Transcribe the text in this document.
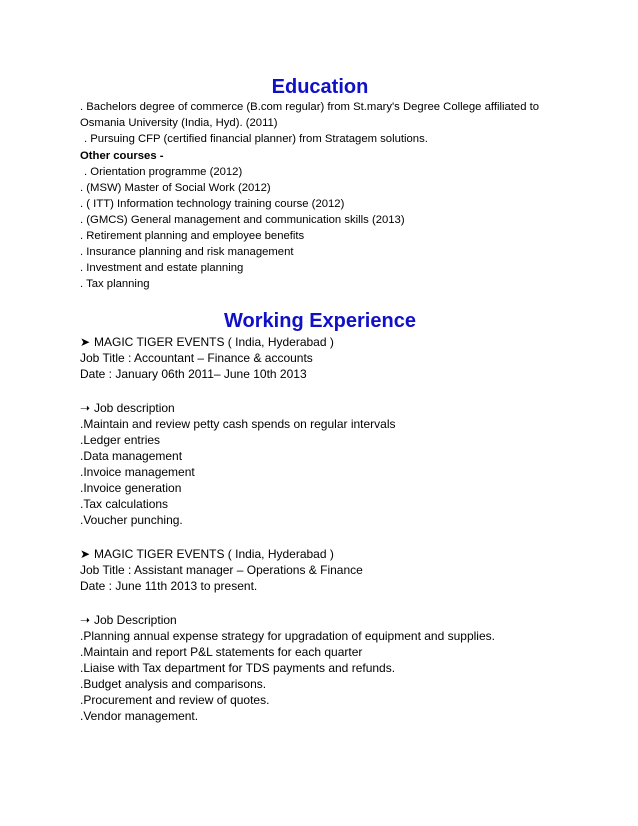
Education
. Bachelors degree of commerce (B.com regular) from St.mary's Degree College affiliated to
Osmania University (India, Hyd). (2011)
. Pursuing CFP (certified financial planner) from Stratagem solutions.
Other courses -
. Orientation programme (2012)
. (MSW) Master of Social Work (2012)
. ( ITT) Information technology training course (2012)
. (GMCS) General management and communication skills (2013)
. Retirement planning and employee benefits
. Insurance planning and risk management
. Investment and estate planning
. Tax planning
Working Experience
➤ MAGIC TIGER EVENTS ( India, Hyderabad )
Job Title : Accountant – Finance & accounts
Date : January 06th 2011– June 10th 2013
➝ Job description
.Maintain and review petty cash spends on regular intervals
.Ledger entries
.Data management
.Invoice management
.Invoice generation
.Tax calculations
.Voucher punching.
➤ MAGIC TIGER EVENTS ( India, Hyderabad )
Job Title : Assistant manager – Operations & Finance
Date : June 11th 2013 to present.
➝ Job Description
.Planning annual expense strategy for upgradation of equipment and supplies.
.Maintain and report P&L statements for each quarter
.Liaise with Tax department for TDS payments and refunds.
.Budget analysis and comparisons.
.Procurement and review of quotes.
.Vendor management.
